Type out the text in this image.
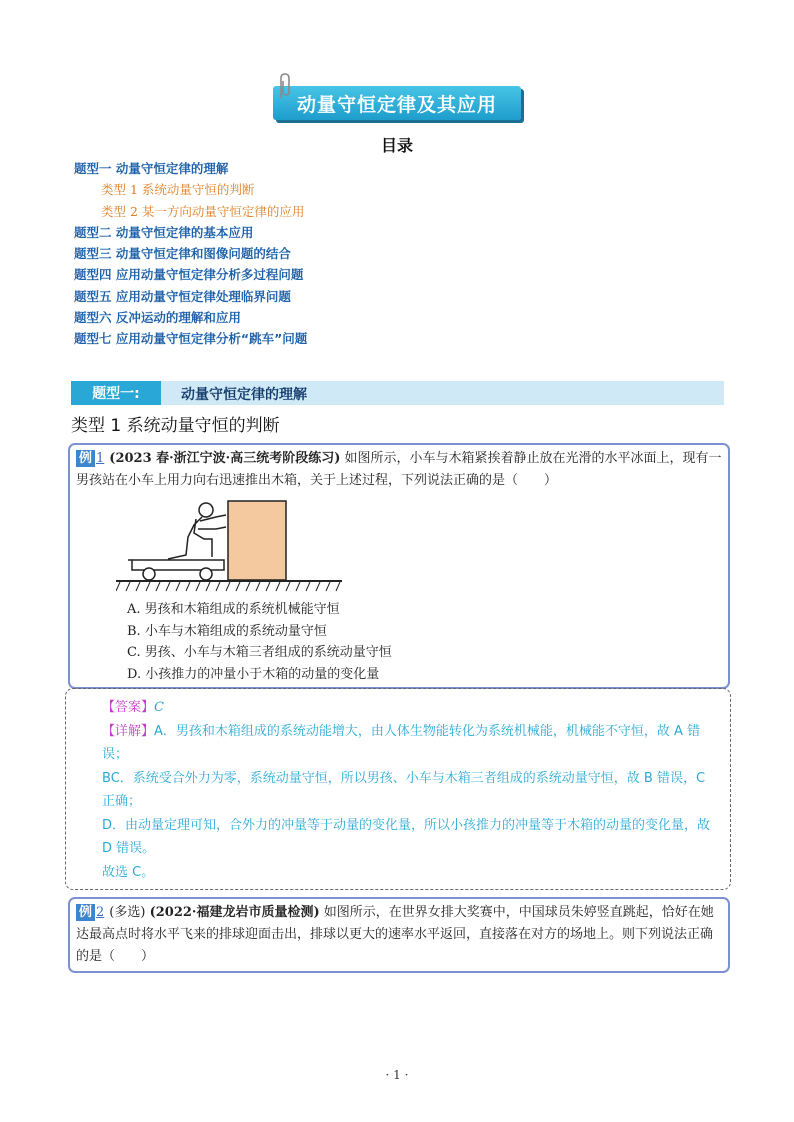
动量守恒定律及其应用
目录
题型一 动量守恒定律的理解
类型 1 系统动量守恒的判断
类型 2 某一方向动量守恒定律的应用
题型二 动量守恒定律的基本应用
题型三 动量守恒定律和图像问题的结合
题型四 应用动量守恒定律分析多过程问题
题型五 应用动量守恒定律处理临界问题
题型六 反冲运动的理解和应用
题型七 应用动量守恒定律分析“跳车”问题
题型一:	动量守恒定律的理解
类型 1 系统动量守恒的判断
例 1 (2023 春·浙江宁波·高三统考阶段练习) 如图所示，小车与木箱紧挨着静止放在光滑的水平冰面上，现有一男孩站在小车上用力向右迅速推出木箱，关于上述过程，下列说法正确的是（　　）
A. 男孩和木箱组成的系统机械能守恒
B. 小车与木箱组成的系统动量守恒
C. 男孩、小车与木箱三者组成的系统动量守恒
D. 小孩推力的冲量小于木箱的动量的变化量

【答案】C

【详解】A．男孩和木箱组成的系统动能增大，由人体生物能转化为系统机械能，机械能不守恒，故 A 错误；

BC．系统受合外力为零，系统动量守恒，所以男孩、小车与木箱三者组成的系统动量守恒，故 B 错误，C 正确；

D．由动量定理可知，合外力的冲量等于动量的变化量，所以小孩推力的冲量等于木箱的动量的变化量，故 D 错误。

故选 C。

例 2 (多选) (2022·福建龙岩市质量检测) 如图所示，在世界女排大奖赛中，中国球员朱婷竖直跳起，恰好在她达最高点时将水平飞来的排球迎面击出，排球以更大的速率水平返回，直接落在对方的场地上。则下列说法正确的是（　　）
· 1 ·
